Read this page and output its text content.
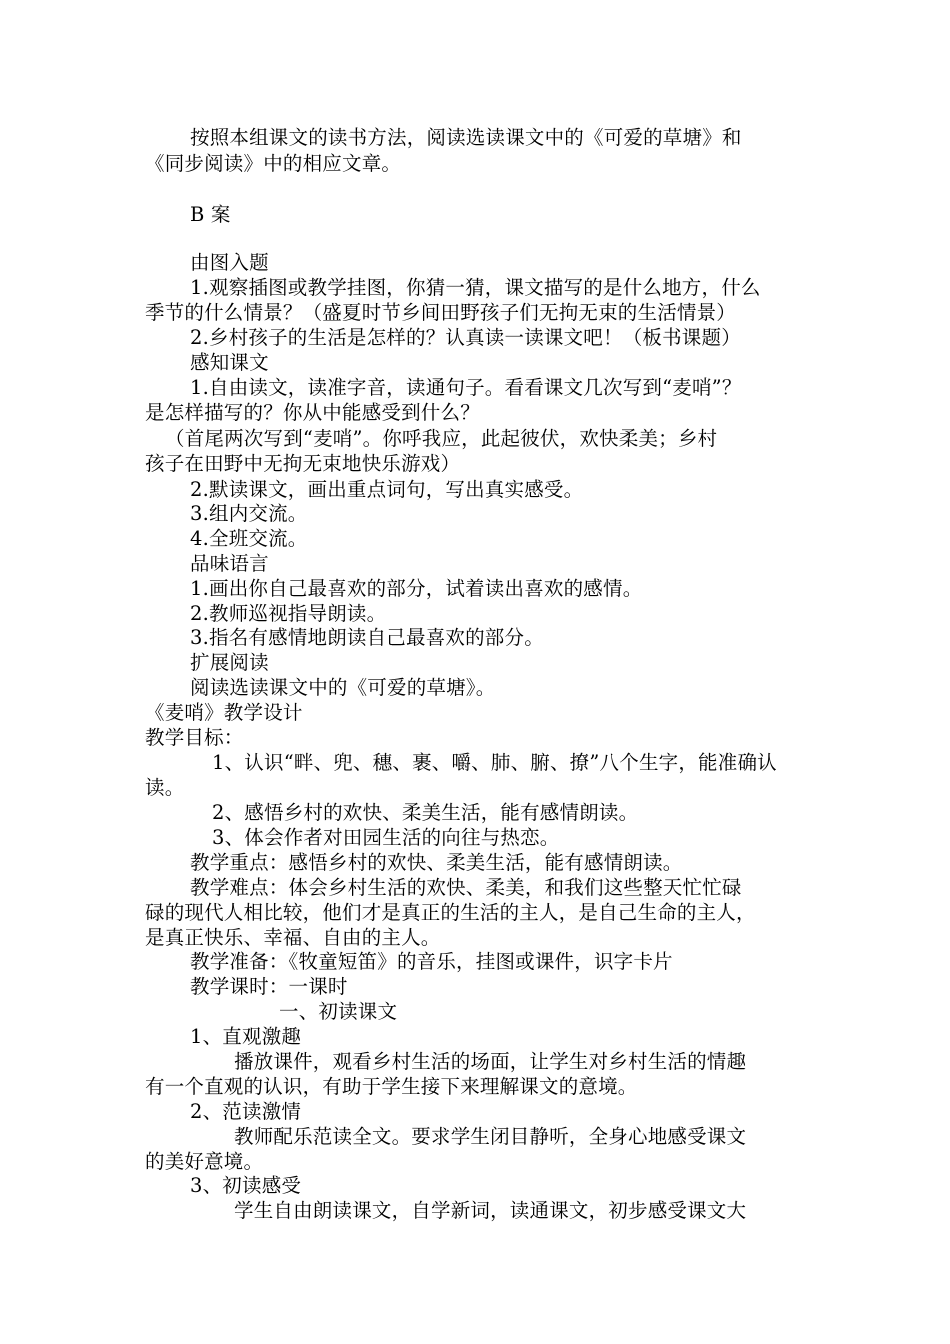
按照本组课文的读书方法，阅读选读课文中的《可爱的草塘》和
《同步阅读》中的相应文章。
B 案
由图入题
1.观察插图或教学挂图，你猜一猜，课文描写的是什么地方，什么
季节的什么情景？（盛夏时节乡间田野孩子们无拘无束的生活情景）
2.乡村孩子的生活是怎样的？认真读一读课文吧！（板书课题）
感知课文
1.自由读文，读准字音，读通句子。看看课文几次写到“麦哨”？
是怎样描写的？你从中能感受到什么？
（首尾两次写到“麦哨”。你呼我应，此起彼伏，欢快柔美；乡村
孩子在田野中无拘无束地快乐游戏）
2.默读课文，画出重点词句，写出真实感受。
3.组内交流。
4.全班交流。
品味语言
1.画出你自己最喜欢的部分，试着读出喜欢的感情。
2.教师巡视指导朗读。
3.指名有感情地朗读自己最喜欢的部分。
扩展阅读
阅读选读课文中的《可爱的草塘》。
《麦哨》教学设计
教学目标：
1、认识“畔、兜、穗、裹、嚼、肺、腑、撩”八个生字，能准确认
读。
2、感悟乡村的欢快、柔美生活，能有感情朗读。
3、体会作者对田园生活的向往与热恋。
教学重点：感悟乡村的欢快、柔美生活，能有感情朗读。
教学难点：体会乡村生活的欢快、柔美，和我们这些整天忙忙碌
碌的现代人相比较，他们才是真正的生活的主人，是自己生命的主人，
是真正快乐、幸福、自由的主人。
教学准备：《牧童短笛》的音乐，挂图或课件，识字卡片
教学课时：一课时
一、初读课文
1、直观激趣
播放课件，观看乡村生活的场面，让学生对乡村生活的情趣
有一个直观的认识，有助于学生接下来理解课文的意境。
2、范读激情
教师配乐范读全文。要求学生闭目静听，全身心地感受课文
的美好意境。
3、初读感受
学生自由朗读课文，自学新词，读通课文，初步感受课文大
